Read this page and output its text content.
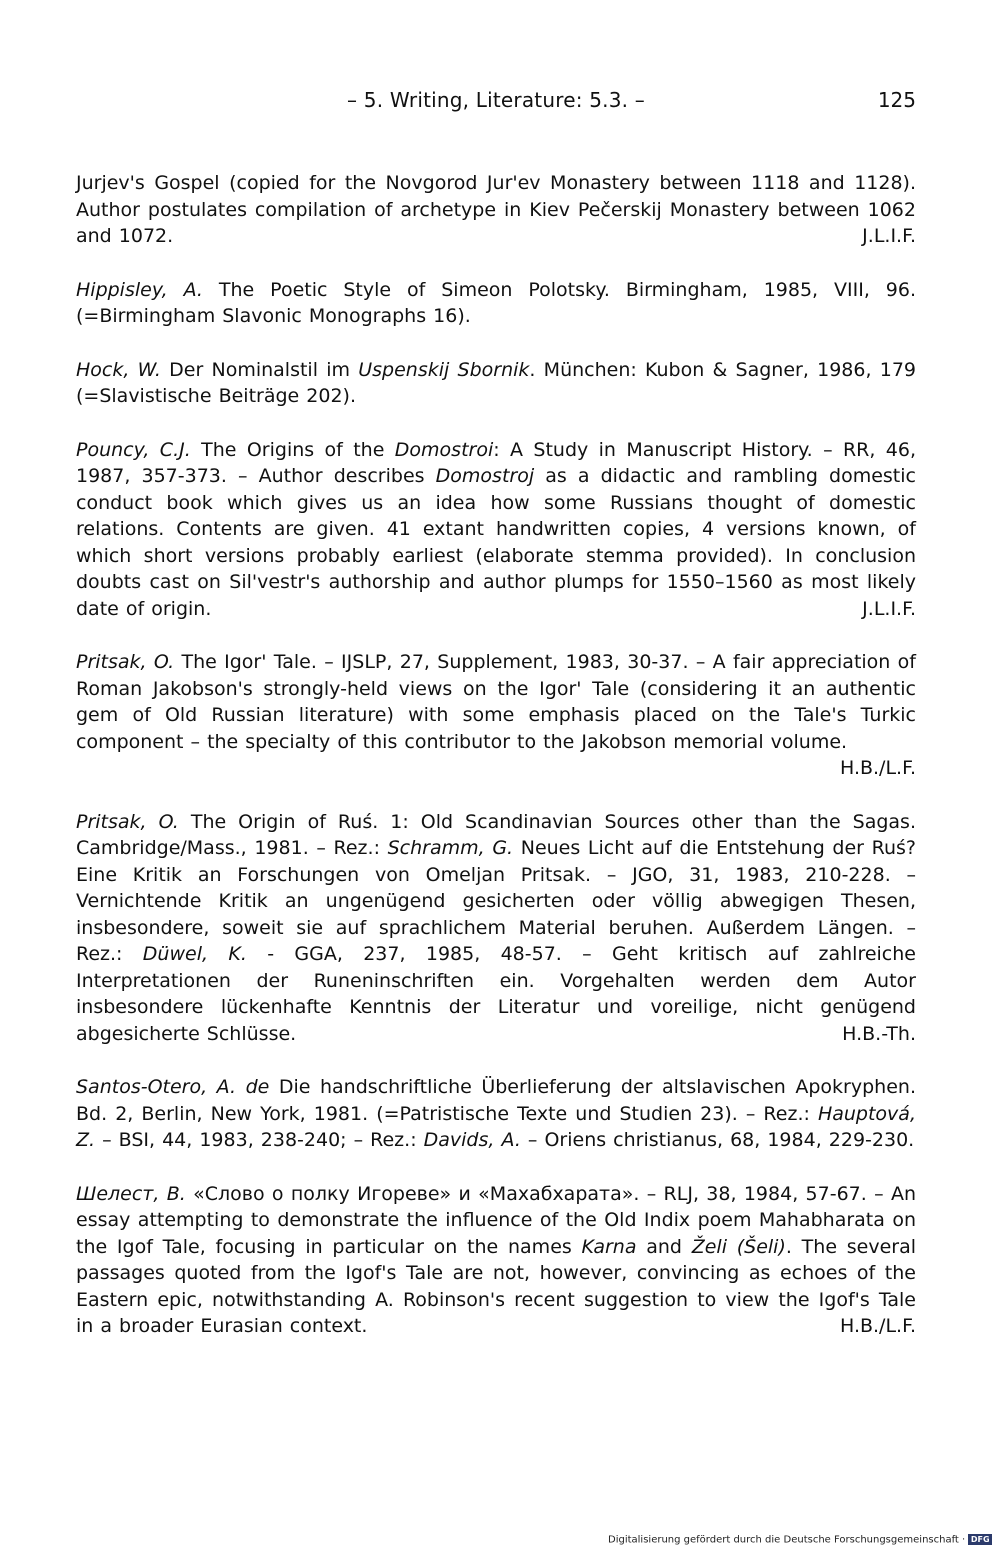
– 5. Writing, Literature: 5.3. –	125

Jurjev's Gospel (copied for the Novgorod Jur'ev Monastery between 1118 and 1128). Author postulates compilation of archetype in Kiev Pečerskij Monastery between 1062 and 1072.	J.L.I.F.

Hippisley, A. The Poetic Style of Simeon Polotsky. Birmingham, 1985, VIII, 96. (=Birmingham Slavonic Monographs 16).

Hock, W. Der Nominalstil im Uspenskij Sbornik. München: Kubon & Sagner, 1986, 179 (=Slavistische Beiträge 202).

Pouncy, C.J. The Origins of the Domostroi: A Study in Manuscript History. – RR, 46, 1987, 357-373. – Author describes Domostroj as a didactic and rambling domestic conduct book which gives us an idea how some Russians thought of domestic relations. Contents are given. 41 extant handwritten copies, 4 versions known, of which short versions probably earliest (elaborate stemma provided). In conclusion doubts cast on Sil'vestr's authorship and author plumps for 1550–1560 as most likely date of origin.	J.L.I.F.

Pritsak, O. The Igor' Tale. – IJSLP, 27, Supplement, 1983, 30-37. – A fair appreciation of Roman Jakobson's strongly-held views on the Igor' Tale (considering it an authentic gem of Old Russian literature) with some emphasis placed on the Tale's Turkic component – the specialty of this contributor to the Jakobson memorial volume.
H.B./L.F.

Pritsak, O. The Origin of Ruś. 1: Old Scandinavian Sources other than the Sagas. Cambridge/Mass., 1981. – Rez.: Schramm, G. Neues Licht auf die Entstehung der Ruś? Eine Kritik an Forschungen von Omeljan Pritsak. – JGO, 31, 1983, 210-228. – Vernichtende Kritik an ungenügend gesicherten oder völlig abwegigen Thesen, insbesondere, soweit sie auf sprachlichem Material beruhen. Außerdem Längen. – Rez.: Düwel, K. - GGA, 237, 1985, 48-57. – Geht kritisch auf zahlreiche Interpretationen der Runeninschriften ein. Vorgehalten werden dem Autor insbesondere lückenhafte Kenntnis der Literatur und voreilige, nicht genügend abgesicherte Schlüsse.	H.B.-Th.

Santos-Otero, A. de Die handschriftliche Überlieferung der altslavischen Apokryphen. Bd. 2, Berlin, New York, 1981. (=Patristische Texte und Studien 23). – Rez.: Hauptová, Z. – BSI, 44, 1983, 238-240; – Rez.: Davids, A. – Oriens christianus, 68, 1984, 229-230.

Шелест, В. «Слово о полку Игореве» и «Махабхарата». – RLJ, 38, 1984, 57-67. – An essay attempting to demonstrate the influence of the Old Indix poem Mahabharata on the Igof Tale, focusing in particular on the names Karna and Želi (Šeli). The several passages quoted from the Igof's Tale are not, however, convincing as echoes of the Eastern epic, notwithstanding A. Robinson's recent suggestion to view the Igof's Tale in a broader Eurasian context.	H.B./L.F.

Digitalisierung gefördert durch die Deutsche Forschungsgemeinschaft · DFG
